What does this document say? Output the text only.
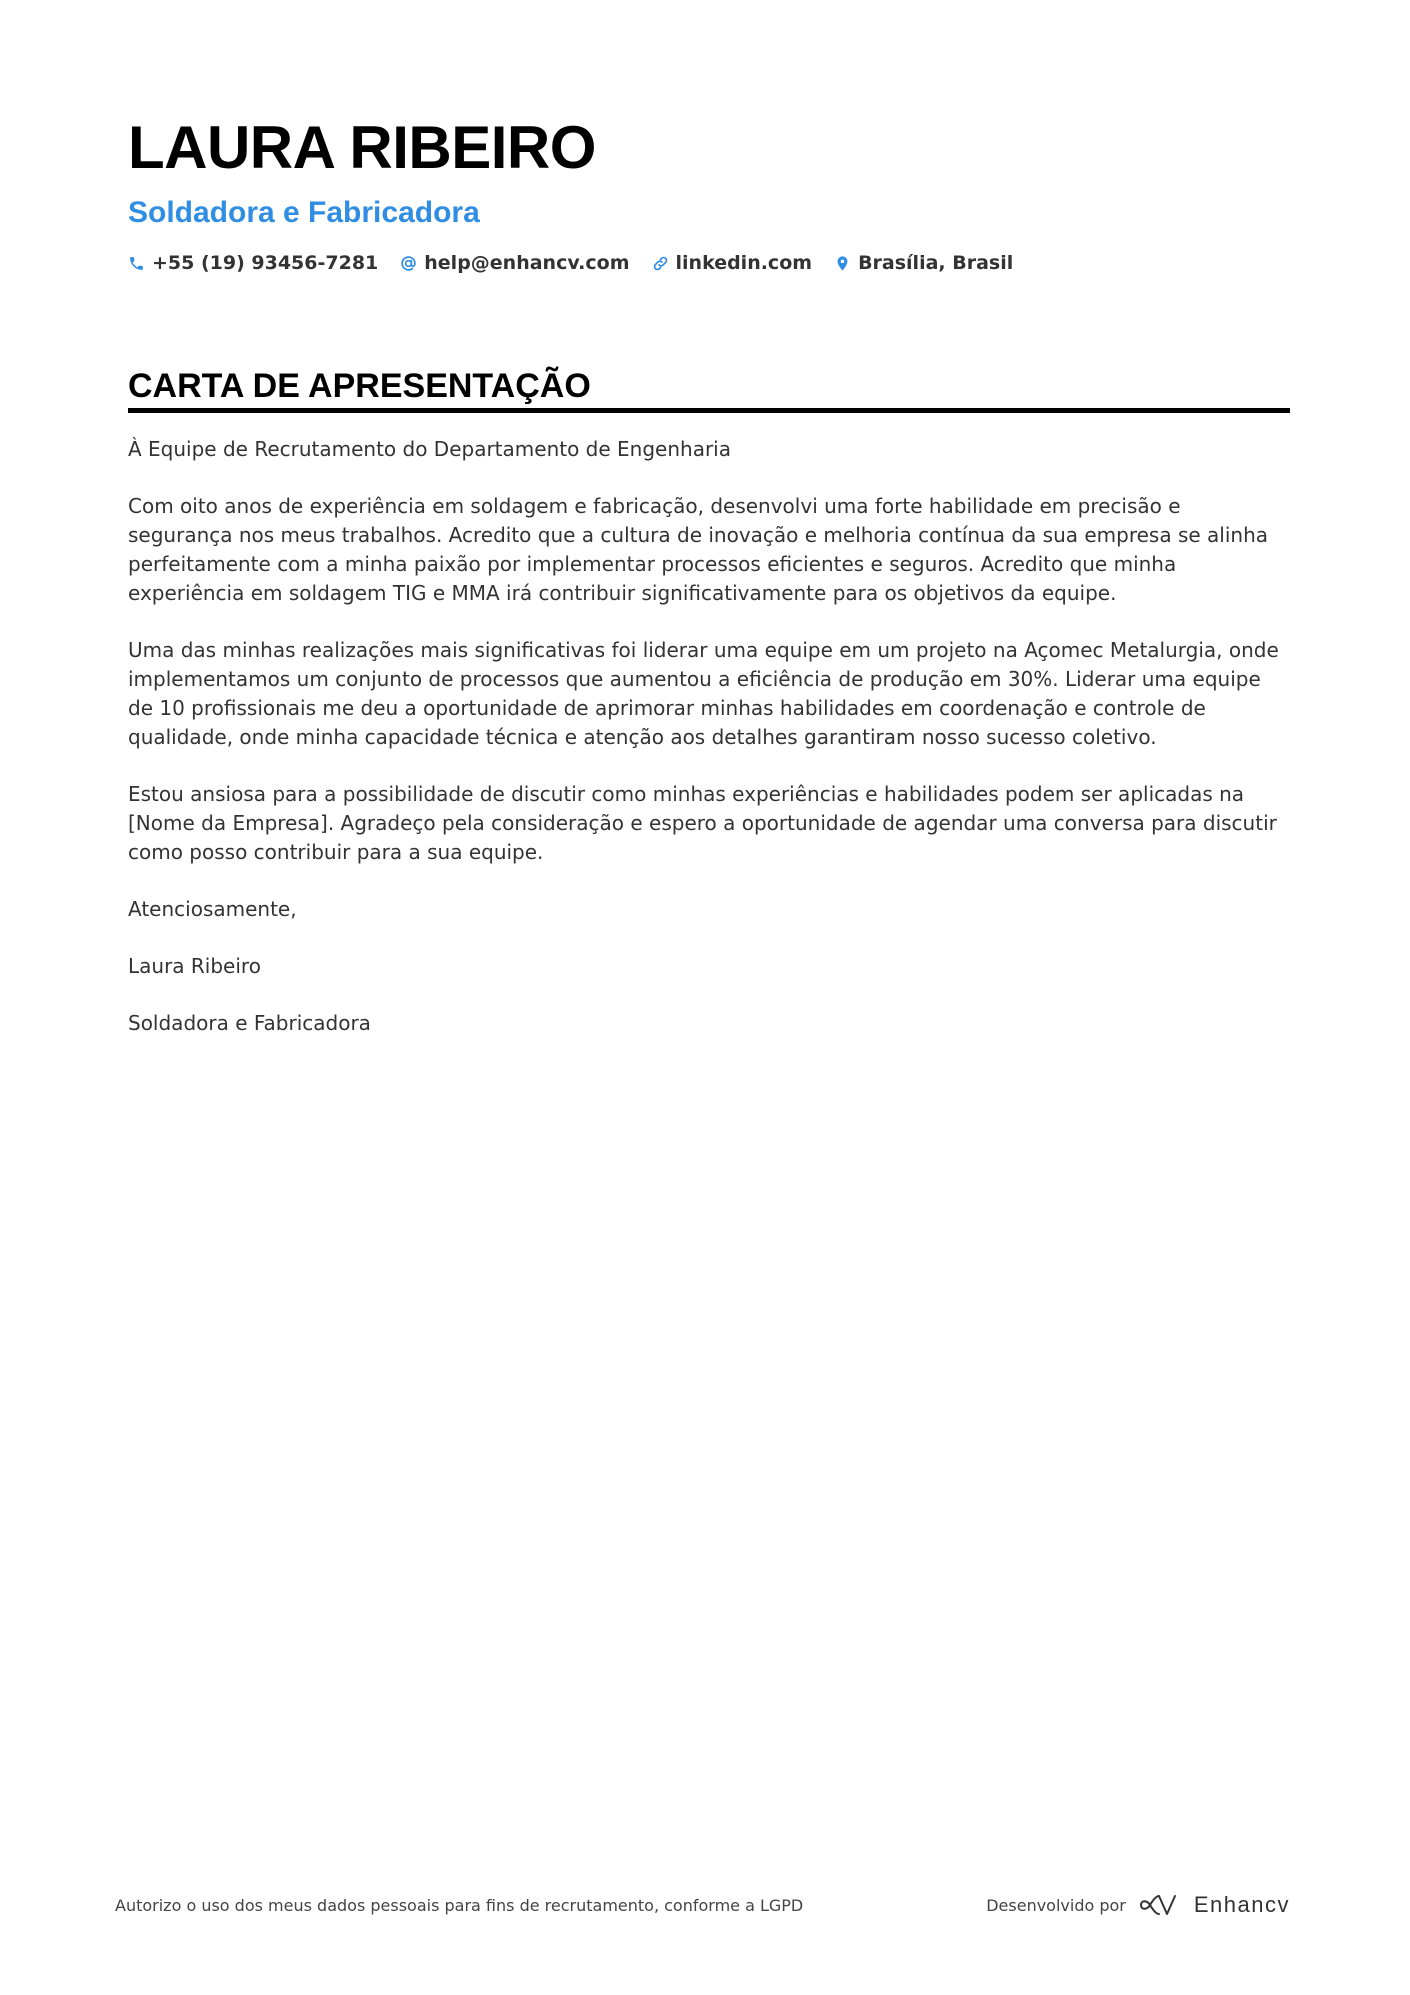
LAURA RIBEIRO
Soldadora e Fabricadora
+55 (19) 93456-7281 help@enhancv.com linkedin.com Brasília, Brasil
CARTA DE APRESENTAÇÃO

À Equipe de Recrutamento do Departamento de Engenharia

Com oito anos de experiência em soldagem e fabricação, desenvolvi uma forte habilidade em precisão e segurança nos meus trabalhos. Acredito que a cultura de inovação e melhoria contínua da sua empresa se alinha perfeitamente com a minha paixão por implementar processos eficientes e seguros. Acredito que minha experiência em soldagem TIG e MMA irá contribuir significativamente para os objetivos da equipe.

Uma das minhas realizações mais significativas foi liderar uma equipe em um projeto na Açomec Metalurgia, onde implementamos um conjunto de processos que aumentou a eficiência de produção em 30%. Liderar uma equipe de 10 profissionais me deu a oportunidade de aprimorar minhas habilidades em coordenação e controle de qualidade, onde minha capacidade técnica e atenção aos detalhes garantiram nosso sucesso coletivo.

Estou ansiosa para a possibilidade de discutir como minhas experiências e habilidades podem ser aplicadas na [Nome da Empresa]. Agradeço pela consideração e espero a oportunidade de agendar uma conversa para discutir como posso contribuir para a sua equipe.

Atenciosamente,

Laura Ribeiro

Soldadora e Fabricadora

Autorizo o uso dos meus dados pessoais para fins de recrutamento, conforme a LGPD	Desenvolvido por	Enhancv
